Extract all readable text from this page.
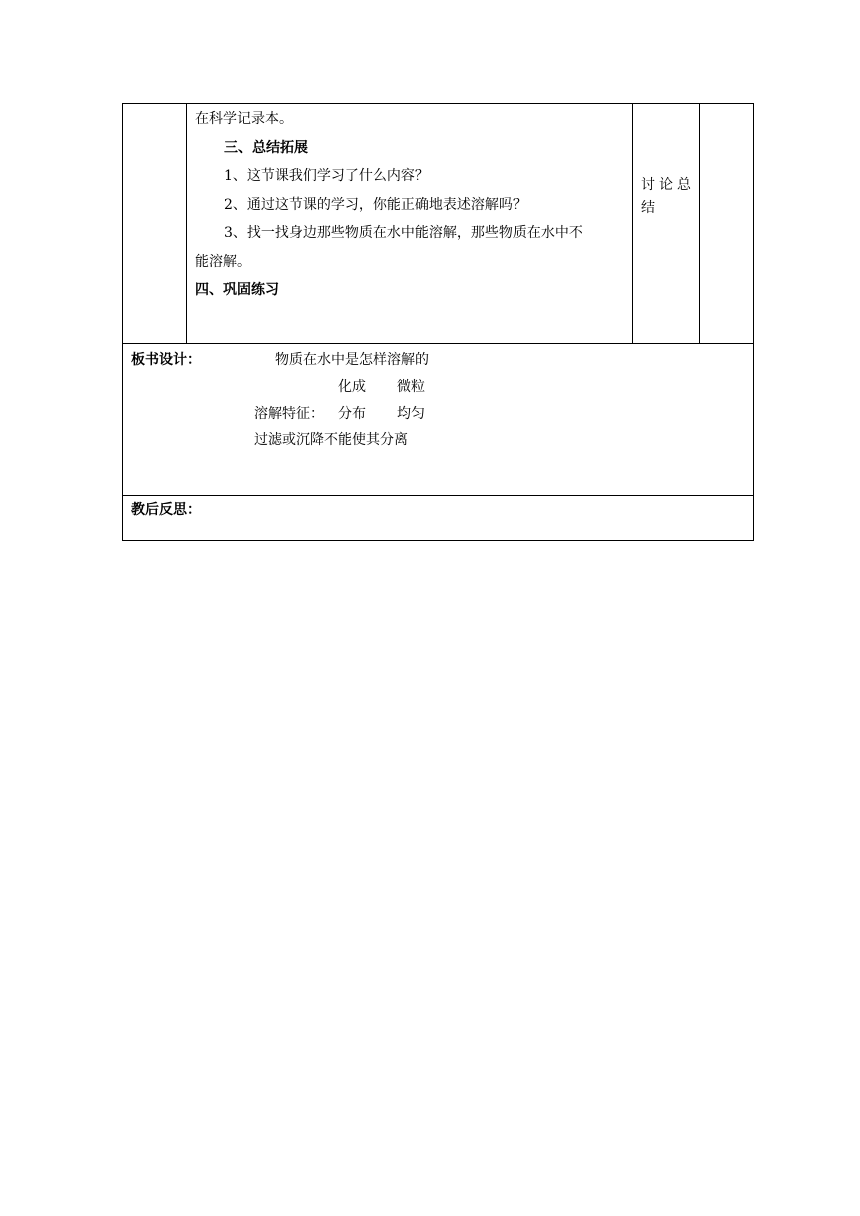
在科学记录本。
三、总结拓展
1、这节课我们学习了什么内容？
2、通过这节课的学习，你能正确地表述溶解吗？
3、找一找身边那些物质在水中能溶解，那些物质在水中不
能溶解。
四、巩固练习
讨论总
结
板书设计：	物质在水中是怎样溶解的
化成 微粒
溶解特征： 分布 均匀
过滤或沉降不能使其分离
教后反思：
